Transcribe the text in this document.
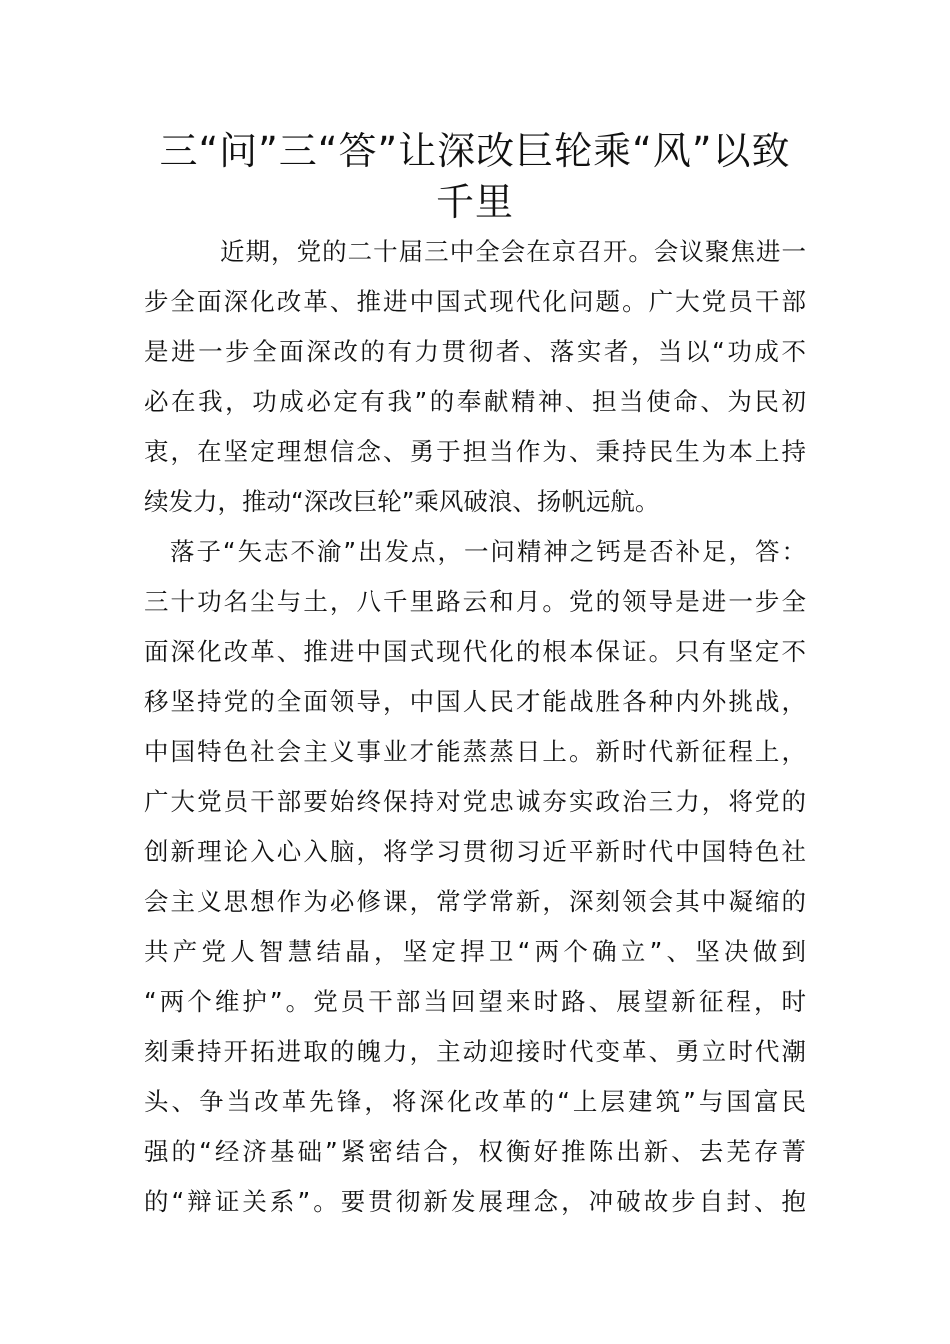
三“问”三“答”让深改巨轮乘“风”以致千里

近期，党的二十届三中全会在京召开。会议聚焦进一

步全面深化改革、推进中国式现代化问题。广大党员干部

是进一步全面深改的有力贯彻者、落实者，当以“功成不

必在我，功成必定有我”的奉献精神、担当使命、为民初

衷，在坚定理想信念、勇于担当作为、秉持民生为本上持

续发力，推动“深改巨轮”乘风破浪、扬帆远航。

落子“矢志不渝”出发点，一问精神之钙是否补足，答：

三十功名尘与土，八千里路云和月。党的领导是进一步全

面深化改革、推进中国式现代化的根本保证。只有坚定不

移坚持党的全面领导，中国人民才能战胜各种内外挑战，

中国特色社会主义事业才能蒸蒸日上。新时代新征程上，

广大党员干部要始终保持对党忠诚夯实政治三力，将党的

创新理论入心入脑，将学习贯彻习近平新时代中国特色社

会主义思想作为必修课，常学常新，深刻领会其中凝缩的

共产党人智慧结晶，坚定捍卫“两个确立”、坚决做到

“两个维护”。党员干部当回望来时路、展望新征程，时

刻秉持开拓进取的魄力，主动迎接时代变革、勇立时代潮

头、争当改革先锋，将深化改革的“上层建筑”与国富民

强的“经济基础”紧密结合，权衡好推陈出新、去芜存菁

的“辩证关系”。要贯彻新发展理念，冲破故步自封、抱
